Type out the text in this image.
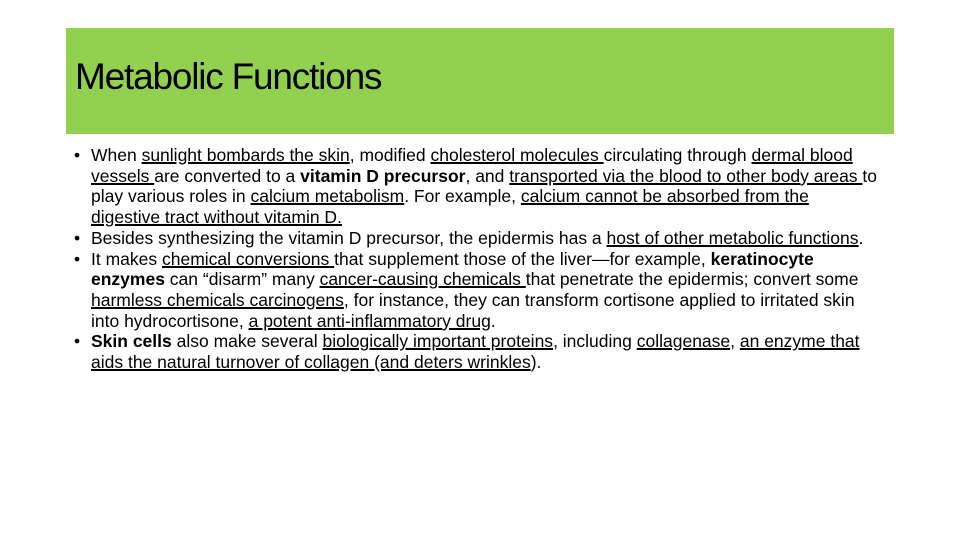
Metabolic Functions
• When sunlight bombards the skin, modified cholesterol molecules circulating through dermal blood vessels are converted to a vitamin D precursor, and transported via the blood to other body areas to play various roles in calcium metabolism. For example, calcium cannot be absorbed from the digestive tract without vitamin D.
• Besides synthesizing the vitamin D precursor, the epidermis has a host of other metabolic functions.
• It makes chemical conversions that supplement those of the liver—for example, keratinocyte enzymes can “disarm” many cancer-causing chemicals that penetrate the epidermis; convert some harmless chemicals carcinogens, for instance, they can transform cortisone applied to irritated skin into hydrocortisone, a potent anti-inflammatory drug.
• Skin cells also make several biologically important proteins, including collagenase, an enzyme that aids the natural turnover of collagen (and deters wrinkles).
